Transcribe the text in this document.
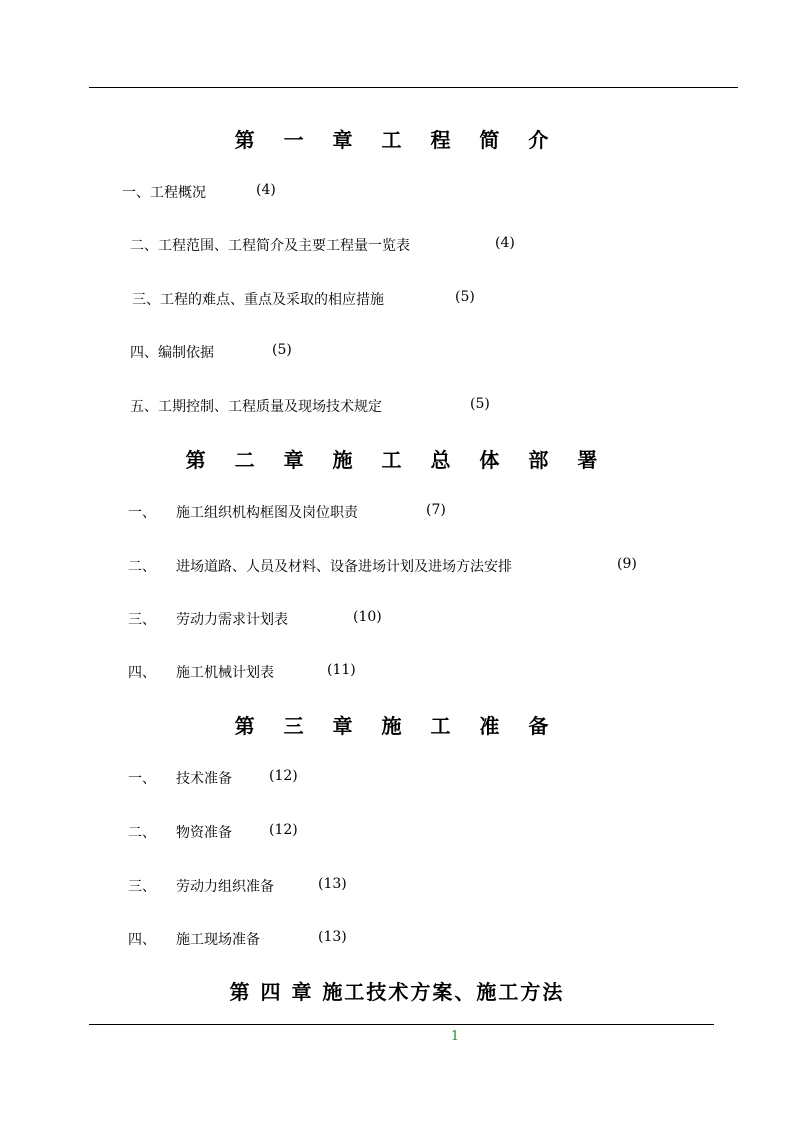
第 一 章 工 程 简 介
一、工程概况	(4)
二、工程范围、工程简介及主要工程量一览表	(4)
三、工程的难点、重点及采取的相应措施	(5)
四、编制依据	(5)
五、工期控制、工程质量及现场技术规定	(5)
第 二 章 施 工 总 体 部 署
一、 施工组织机构框图及岗位职责	(7)
二、 进场道路、人员及材料、设备进场计划及进场方法安排	(9)
三、 劳动力需求计划表	(10)
四、 施工机械计划表	(11)
第 三 章 施 工 准 备
一、 技术准备	(12)
二、 物资准备	(12)
三、 劳动力组织准备	(13)
四、 施工现场准备	(13)
第 四 章 施工技术方案、施工方法
1
